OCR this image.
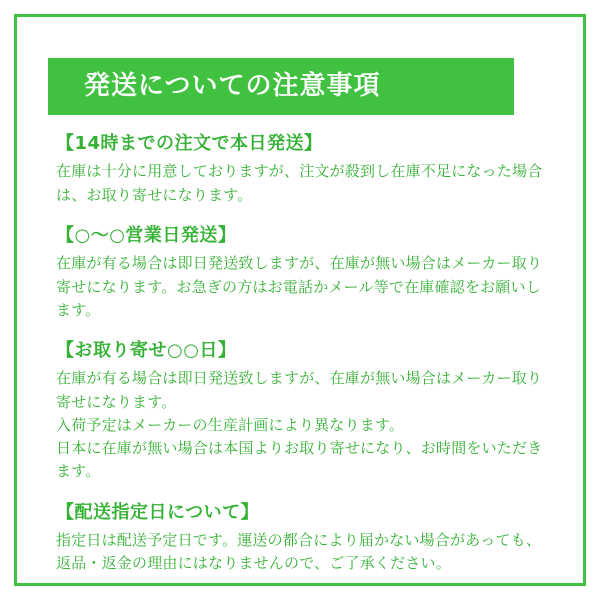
発送についての注意事項
【14時までの注文で本日発送】

在庫は十分に用意しておりますが、注文が殺到し在庫不足になった場合は、お取り寄せになります。

【○〜○営業日発送】

在庫が有る場合は即日発送致しますが、在庫が無い場合はメーカー取り寄せになります。お急ぎの方はお電話かメール等で在庫確認をお願いします。

【お取り寄せ○○日】

在庫が有る場合は即日発送致しますが、在庫が無い場合はメーカー取り寄せになります。

入荷予定はメーカーの生産計画により異なります。

日本に在庫が無い場合は本国よりお取り寄せになり、お時間をいただきます。

【配送指定日について】

指定日は配送予定日です。運送の都合により届かない場合があっても、返品・返金の理由にはなりませんので、ご了承ください。
